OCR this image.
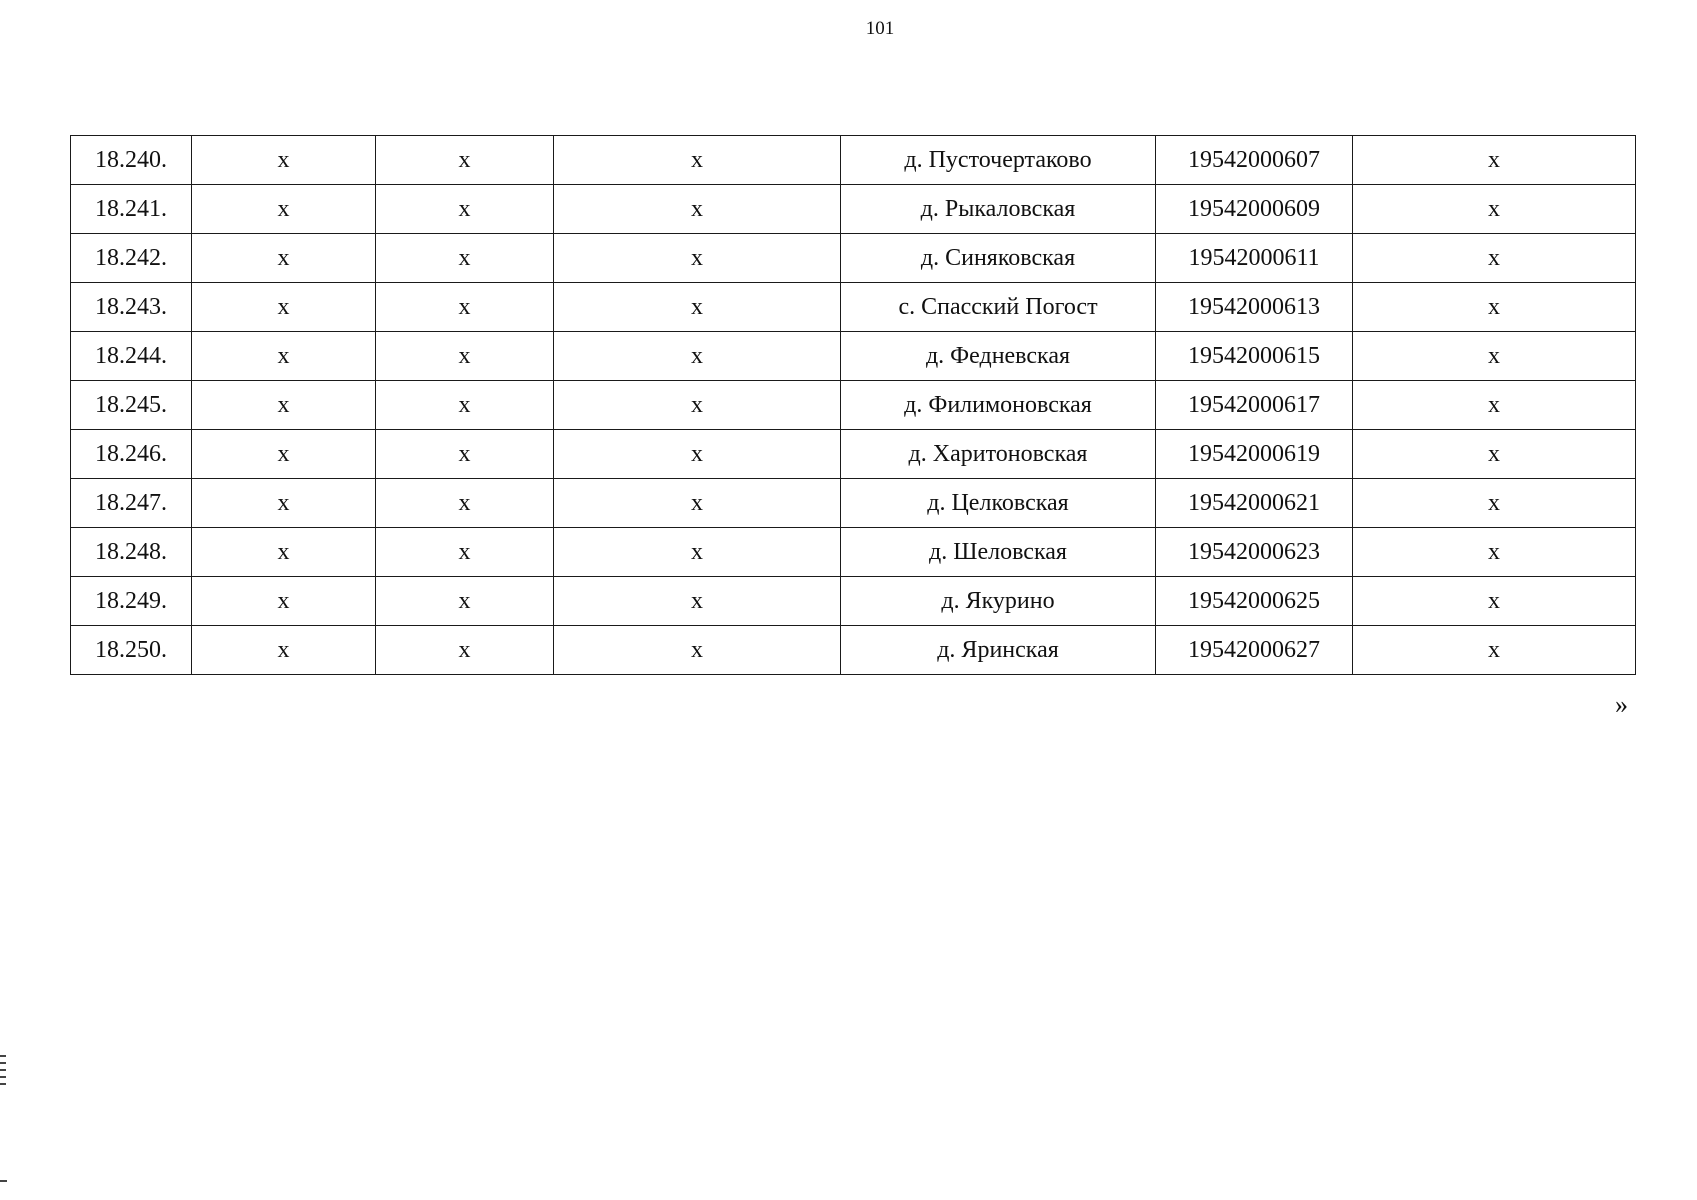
101
18.240.	х	х	х	д. Пусточертаково	19542000607	х
18.241.	х	х	х	д. Рыкаловская	19542000609	х
18.242.	х	х	х	д. Синяковская	19542000611	х
18.243.	х	х	х	с. Спасский Погост	19542000613	х
18.244.	х	х	х	д. Федневская	19542000615	х
18.245.	х	х	х	д. Филимоновская	19542000617	х
18.246.	х	х	х	д. Харитоновская	19542000619	х
18.247.	х	х	х	д. Целковская	19542000621	х
18.248.	х	х	х	д. Шеловская	19542000623	х
18.249.	х	х	х	д. Якурино	19542000625	х
18.250.	х	х	х	д. Яринская	19542000627	х
»
